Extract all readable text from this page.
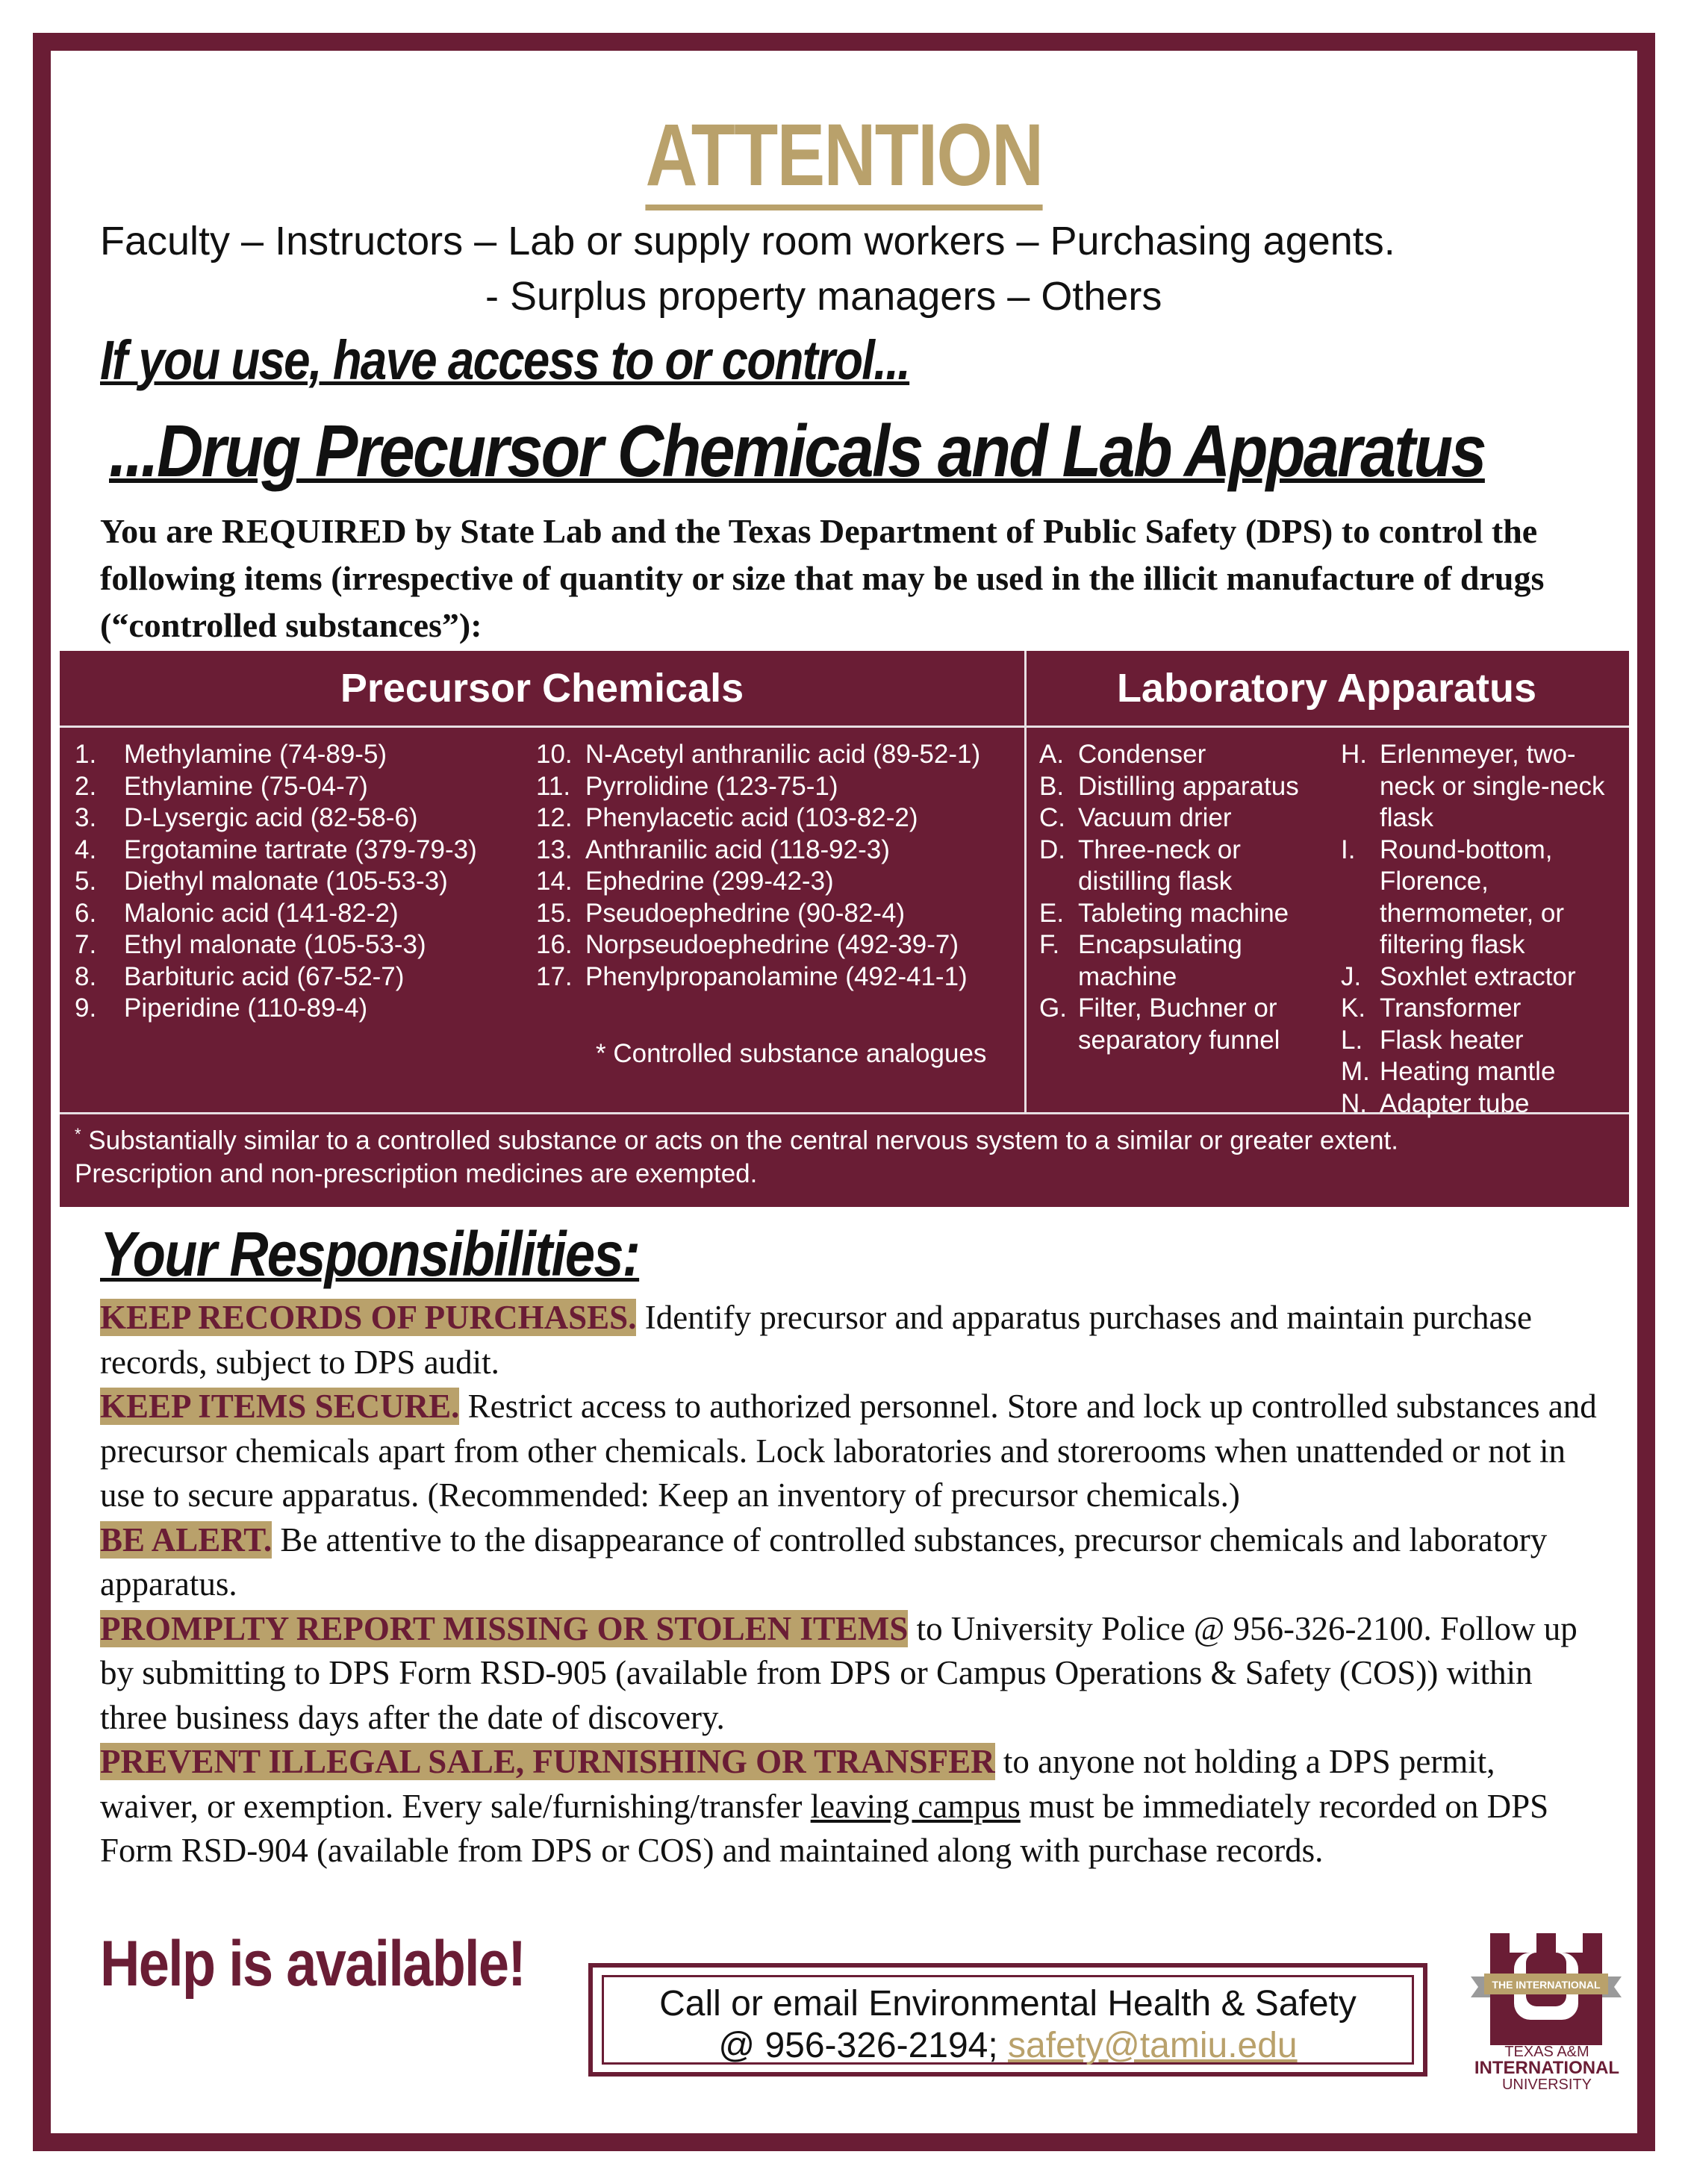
ATTENTION
Faculty – Instructors – Lab or supply room workers – Purchasing agents.
- Surplus property managers – Others
If you use, have access to or control...
...Drug Precursor Chemicals and Lab Apparatus
You are REQUIRED by State Lab and the Texas Department of Public Safety (DPS) to control the following items (irrespective of quantity or size that may be used in the illicit manufacture of drugs (“controlled substances”):
Precursor Chemicals	Laboratory Apparatus
1. Methylamine (74-89-5)
2. Ethylamine (75-04-7)
3. D-Lysergic acid (82-58-6)
4. Ergotamine tartrate (379-79-3)
5. Diethyl malonate (105-53-3)
6. Malonic acid (141-82-2)
7. Ethyl malonate (105-53-3)
8. Barbituric acid (67-52-7)
9. Piperidine (110-89-4)
10. N-Acetyl anthranilic acid (89-52-1)
11. Pyrrolidine (123-75-1)
12. Phenylacetic acid (103-82-2)
13. Anthranilic acid (118-92-3)
14. Ephedrine (299-42-3)
15. Pseudoephedrine (90-82-4)
16. Norpseudoephedrine (492-39-7)
17. Phenylpropanolamine (492-41-1)
* Controlled substance analogues
A. Condenser
B. Distilling apparatus
C. Vacuum drier
D. Three-neck or distilling flask
E. Tableting machine
F. Encapsulating machine
G. Filter, Buchner or separatory funnel
H. Erlenmeyer, two-neck or single-neck flask
I. Round-bottom, Florence, thermometer, or filtering flask
J. Soxhlet extractor
K. Transformer
L. Flask heater
M. Heating mantle
N. Adapter tube
* Substantially similar to a controlled substance or acts on the central nervous system to a similar or greater extent.
Prescription and non-prescription medicines are exempted.
Your Responsibilities:

KEEP RECORDS OF PURCHASES. Identify precursor and apparatus purchases and maintain purchase records, subject to DPS audit.

KEEP ITEMS SECURE. Restrict access to authorized personnel. Store and lock up controlled substances and precursor chemicals apart from other chemicals. Lock laboratories and storerooms when unattended or not in use to secure apparatus. (Recommended: Keep an inventory of precursor chemicals.)

BE ALERT. Be attentive to the disappearance of controlled substances, precursor chemicals and laboratory apparatus.

PROMPLTY REPORT MISSING OR STOLEN ITEMS to University Police @ 956-326-2100. Follow up by submitting to DPS Form RSD-905 (available from DPS or Campus Operations & Safety (COS)) within three business days after the date of discovery.

PREVENT ILLEGAL SALE, FURNISHING OR TRANSFER to anyone not holding a DPS permit, waiver, or exemption. Every sale/furnishing/transfer leaving campus must be immediately recorded on DPS Form RSD-904 (available from DPS or COS) and maintained along with purchase records.

Help is available!
Call or email Environmental Health & Safety
@ 956-326-2194; safety@tamiu.edu
THE INTERNATIONAL
TEXAS A&M
INTERNATIONAL
UNIVERSITY
